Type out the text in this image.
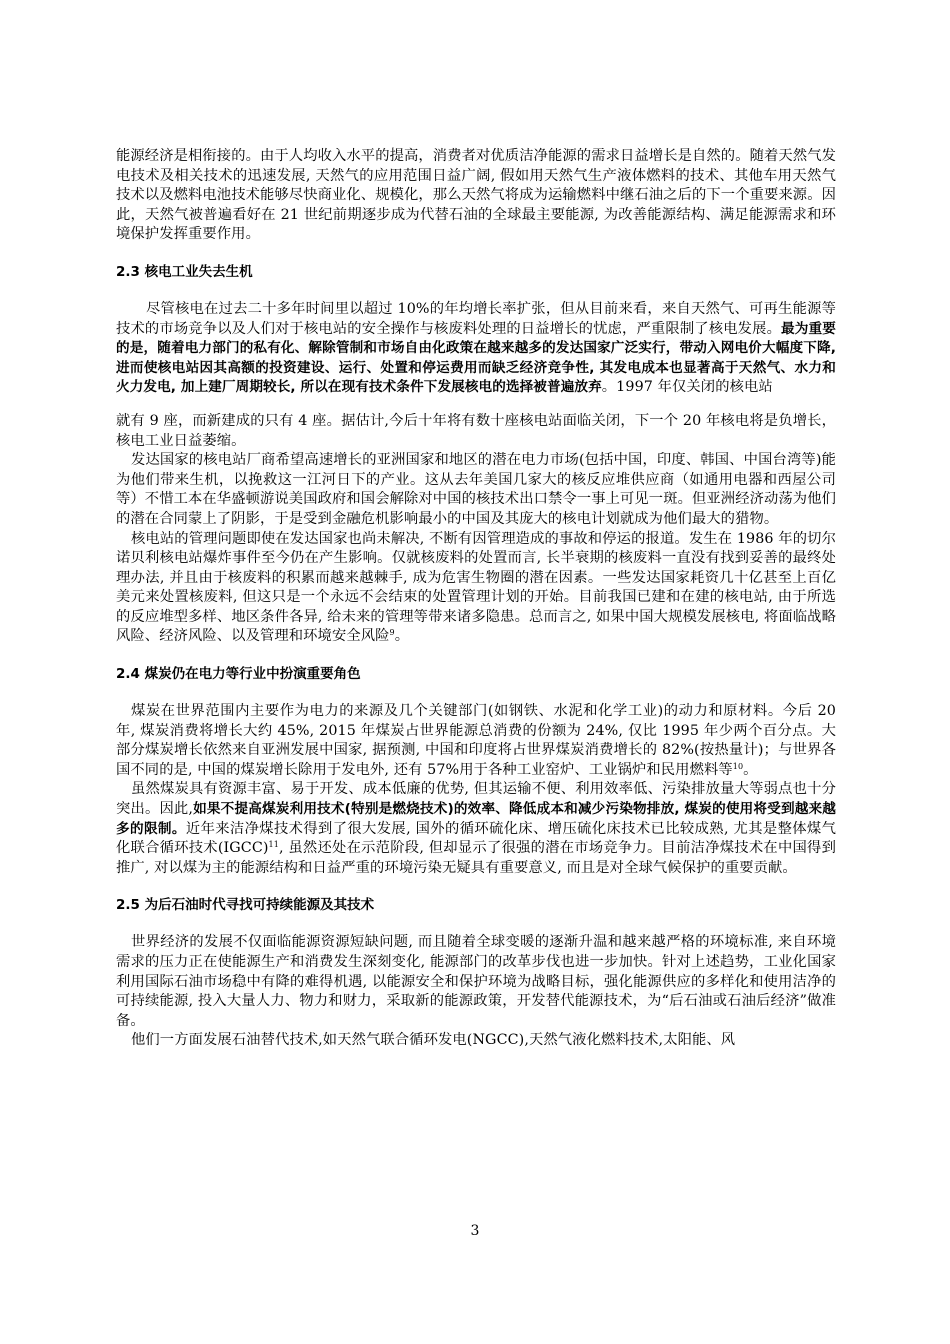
能源经济是相衔接的。由于人均收入水平的提高，消费者对优质洁净能源的需求日益增长是自然的。随着天然气发电技术及相关技术的迅速发展, 天然气的应用范围日益广阔, 假如用天然气生产液体燃料的技术、其他车用天然气技术以及燃料电池技术能够尽快商业化、规模化，那么天然气将成为运输燃料中继石油之后的下一个重要来源。因此，天然气被普遍看好在 21 世纪前期逐步成为代替石油的全球最主要能源, 为改善能源结构、满足能源需求和环境保护发挥重要作用。

2.3 核电工业失去生机

尽管核电在过去二十多年时间里以超过 10%的年均增长率扩张，但从目前来看，来自天然气、可再生能源等技术的市场竞争以及人们对于核电站的安全操作与核废料处理的日益增长的忧虑，严重限制了核电发展。最为重要的是，随着电力部门的私有化、解除管制和市场自由化政策在越来越多的发达国家广泛实行，带动入网电价大幅度下降, 进而使核电站因其高额的投资建设、运行、处置和停运费用而缺乏经济竞争性, 其发电成本也显著高于天然气、水力和火力发电, 加上建厂周期较长, 所以在现有技术条件下发展核电的选择被普遍放弃。1997 年仅关闭的核电站

就有 9 座，而新建成的只有 4 座。据估计,今后十年将有数十座核电站面临关闭，下一个 20 年核电将是负增长，核电工业日益萎缩。

发达国家的核电站厂商希望高速增长的亚洲国家和地区的潜在电力市场(包括中国，印度、韩国、中国台湾等)能为他们带来生机，以挽救这一江河日下的产业。这从去年美国几家大的核反应堆供应商（如通用电器和西屋公司等）不惜工本在华盛顿游说美国政府和国会解除对中国的核技术出口禁令一事上可见一斑。但亚洲经济动荡为他们的潜在合同蒙上了阴影，于是受到金融危机影响最小的中国及其庞大的核电计划就成为他们最大的猎物。

核电站的管理问题即使在发达国家也尚未解决, 不断有因管理造成的事故和停运的报道。发生在 1986 年的切尔诺贝利核电站爆炸事件至今仍在产生影响。仅就核废料的处置而言, 长半衰期的核废料一直没有找到妥善的最终处理办法, 并且由于核废料的积累而越来越棘手, 成为危害生物圈的潜在因素。一些发达国家耗资几十亿甚至上百亿美元来处置核废料, 但这只是一个永远不会结束的处置管理计划的开始。目前我国已建和在建的核电站, 由于所选的反应堆型多样、地区条件各异, 给未来的管理等带来诸多隐患。总而言之, 如果中国大规模发展核电, 将面临战略风险、经济风险、以及管理和环境安全风险$^9$。

2.4 煤炭仍在电力等行业中扮演重要角色

煤炭在世界范围内主要作为电力的来源及几个关键部门(如钢铁、水泥和化学工业)的动力和原材料。今后 20 年, 煤炭消费将增长大约 45%, 2015 年煤炭占世界能源总消费的份额为 24%, 仅比 1995 年少两个百分点。大部分煤炭增长依然来自亚洲发展中国家, 据预测, 中国和印度将占世界煤炭消费增长的 82%(按热量计)；与世界各国不同的是, 中国的煤炭增长除用于发电外, 还有 57%用于各种工业窑炉、工业锅炉和民用燃料等$^{10}$。

虽然煤炭具有资源丰富、易于开发、成本低廉的优势, 但其运输不便、利用效率低、污染排放量大等弱点也十分突出。因此,如果不提高煤炭利用技术(特别是燃烧技术)的效率、降低成本和减少污染物排放, 煤炭的使用将受到越来越多的限制。近年来洁净煤技术得到了很大发展, 国外的循环硫化床、增压硫化床技术已比较成熟, 尤其是整体煤气化联合循环技术(IGCC)$^{11}$, 虽然还处在示范阶段, 但却显示了很强的潜在市场竞争力。目前洁净煤技术在中国得到推广, 对以煤为主的能源结构和日益严重的环境污染无疑具有重要意义, 而且是对全球气候保护的重要贡献。

2.5 为后石油时代寻找可持续能源及其技术

世界经济的发展不仅面临能源资源短缺问题, 而且随着全球变暖的逐渐升温和越来越严格的环境标准, 来自环境需求的压力正在使能源生产和消费发生深刻变化, 能源部门的改革步伐也进一步加快。针对上述趋势，工业化国家利用国际石油市场稳中有降的难得机遇, 以能源安全和保护环境为战略目标，强化能源供应的多样化和使用洁净的可持续能源, 投入大量人力、物力和财力，采取新的能源政策，开发替代能源技术，为“后石油或石油后经济”做准备。

他们一方面发展石油替代技术,如天然气联合循环发电(NGCC),天然气液化燃料技术,太阳能、风

3
